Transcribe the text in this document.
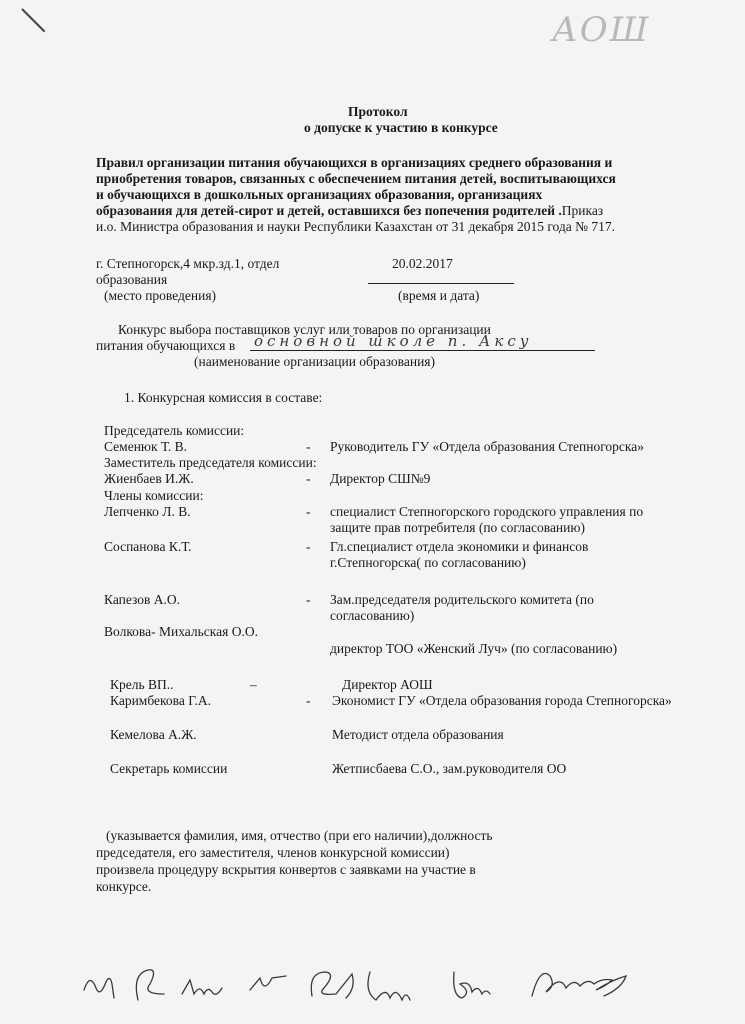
АОШ
Протокол
о допуске к участию в конкурсе
Правил организации питания обучающихся в организациях среднего образования и
приобретения товаров, связанных с обеспечением питания детей, воспитывающихся
и обучающихся в дошкольных организациях образования, организациях
образования для детей-сирот и детей, оставшихся без попечения родителей .Приказ
и.о. Министра образования и науки Республики Казахстан от 31 декабря 2015 года № 717.
г. Степногорск,4 мкр.зд.1, отдел
образования
(место проведения)
20.02.2017
(время и дата)
Конкурс выбора поставщиков услуг или товаров по организации
питания обучающихся в основной школе п. Аксу
(наименование организации образования)
1. Конкурсная комиссия в составе:
Председатель комиссии:
Семенюк Т. В.	- Руководитель ГУ «Отдела образования Степногорска»
Заместитель председателя комиссии:
Жиенбаев И.Ж.	- Директор СШ№9
Члены комиссии:
Лепченко Л. В.	- специалист Степногорского городского управления по
защите прав потребителя (по согласованию)
Соспанова К.Т.	- Гл.специалист отдела экономики и финансов
г.Степногорска( по согласованию)
Капезов А.О.	- Зам.председателя родительского комитета (по
согласованию)
Волкова- Михальская О.О.
директор ТОО «Женский Луч» (по согласованию)
Крель ВП..	–	Директор АОШ
Каримбекова Г.А.	- Экономист ГУ «Отдела образования города Степногорска»
Кемелова А.Ж.	Методист отдела образования
Секретарь комиссии	Жетписбаева С.О., зам.руководителя ОО
(указывается фамилия, имя, отчество (при его наличии),должность
председателя, его заместителя, членов конкурсной комиссии)
произвела процедуру вскрытия конвертов с заявками на участие в
конкурсе.
